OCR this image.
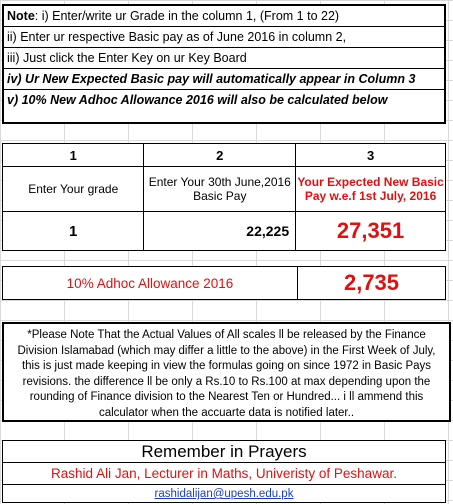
Note: i) Enter/write ur Grade in the column 1, (From 1 to 22)
ii) Enter ur respective Basic pay as of June 2016 in column 2,
iii) Just click the Enter Key on ur Key Board
iv) Ur New Expected Basic pay will automatically appear in Column 3
v) 10% New Adhoc Allowance 2016 will also be calculated below
1	2	3
Enter Your grade	Enter Your 30th June,2016 Basic Pay	Your Expected New Basic Pay w.e.f 1st July, 2016
1	22,225	27,351
10% Adhoc Allowance 2016	2,735
*Please Note That the Actual Values of All scales ll be released by the Finance Division Islamabad (which may differ a little to the above) in the First Week of July, this is just made keeping in view the formulas going on since 1972 in Basic Pays revisions. the difference ll be only a Rs.10 to Rs.100 at max depending upon the rounding of Finance division to the Nearest Ten or Hundred... i ll ammend this calculator when the accuarte data is notified later..
Remember in Prayers
Rashid Ali Jan, Lecturer in Maths, Univeristy of Peshawar.
rashidalijan@upesh.edu.pk
